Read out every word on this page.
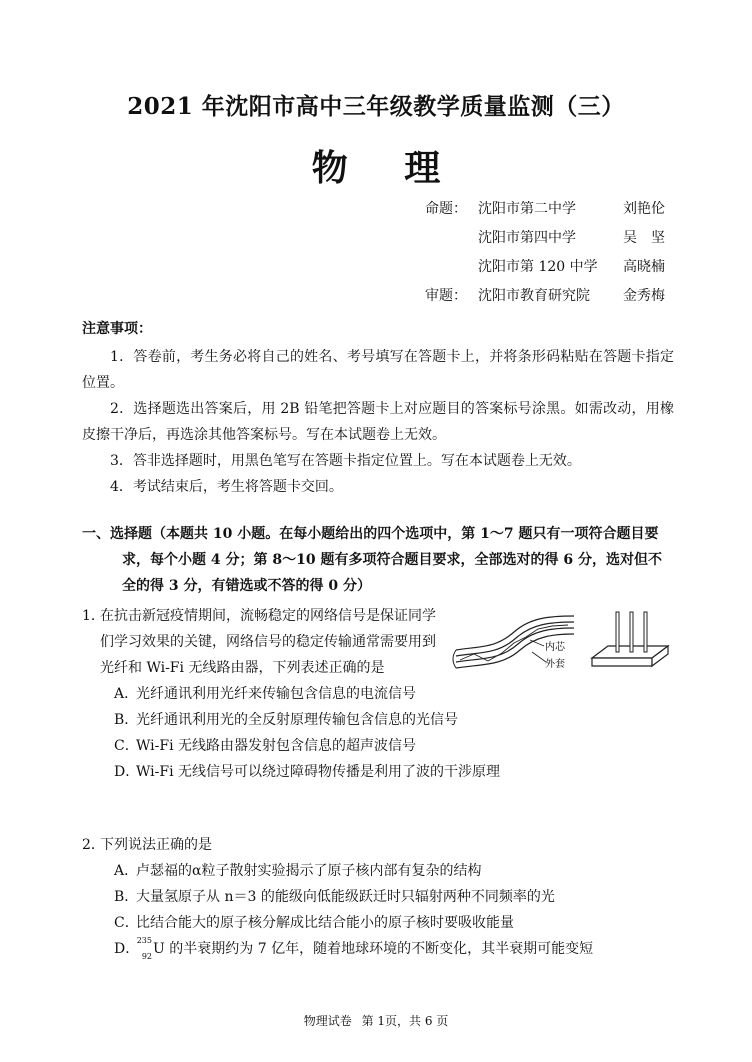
2021 年沈阳市高中三年级教学质量监测（三）
物 理
命题： 沈阳市第二中学	刘艳伦
沈阳市第四中学	吴　坚
沈阳市第 120 中学 高晓楠
审题： 沈阳市教育研究院 金秀梅
注意事项：
1．答卷前，考生务必将自己的姓名、考号填写在答题卡上，并将条形码粘贴在答题卡指定位置。
2．选择题选出答案后，用 2B 铅笔把答题卡上对应题目的答案标号涂黑。如需改动，用橡皮擦干净后，再选涂其他答案标号。写在本试题卷上无效。
3．答非选择题时，用黑色笔写在答题卡指定位置上。写在本试题卷上无效。
4．考试结束后，考生将答题卡交回。
一、选择题（本题共 10 小题。在每小题给出的四个选项中，第 1～7 题只有一项符合题目要求，每个小题 4 分；第 8～10 题有多项符合题目要求，全部选对的得 6 分，选对但不全的得 3 分，有错选或不答的得 0 分）
1．在抗击新冠疫情期间，流畅稳定的网络信号是保证同学们学习效果的关键，网络信号的稳定传输通常需要用到光纤和 Wi-Fi 无线路由器，下列表述正确的是
A．光纤通讯利用光纤来传输包含信息的电流信号
B．光纤通讯利用光的全反射原理传输包含信息的光信号
C．Wi-Fi 无线路由器发射包含信息的超声波信号
D．Wi-Fi 无线信号可以绕过障碍物传播是利用了波的干涉原理
内芯
外套
2．下列说法正确的是
A．卢瑟福的α粒子散射实验揭示了原子核内部有复杂的结构
B．大量氢原子从 n＝3 的能级向低能级跃迁时只辐射两种不同频率的光
C．比结合能大的原子核分解成比结合能小的原子核时要吸收能量
D．
235
92 U 的半衰期约为 7 亿年，随着地球环境的不断变化，其半衰期可能变短
物理试卷 第 1页，共 6 页
